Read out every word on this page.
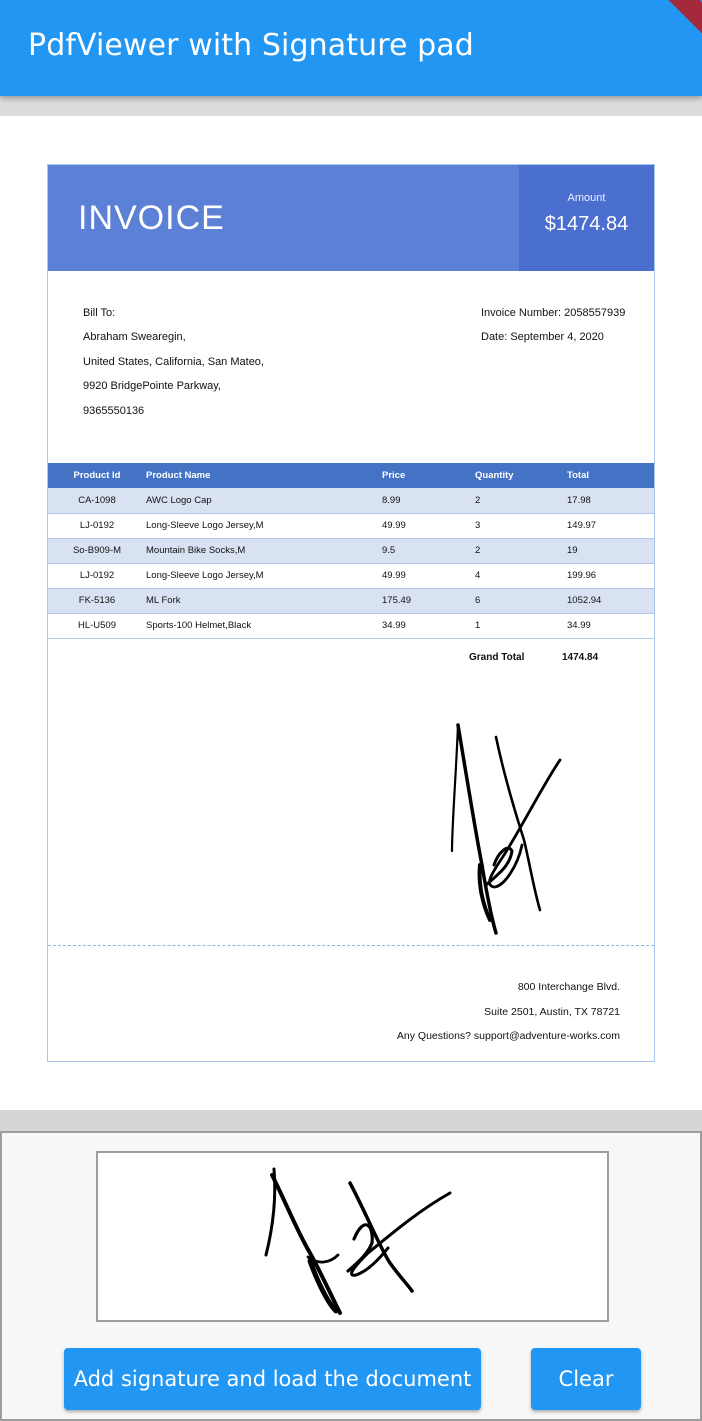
PdfViewer with Signature pad
INVOICE
Amount
$1474.84
Bill To:
Abraham Swearegin,
United States, California, San Mateo,
9920 BridgePointe Parkway,
9365550136
Invoice Number: 2058557939
Date: September 4, 2020
Product Id	Product Name	Price	Quantity	Total
CA-1098	AWC Logo Cap	8.99	2	17.98
LJ-0192	Long-Sleeve Logo Jersey,M	49.99	3	149.97
So-B909-M	Mountain Bike Socks,M	9.5	2	19
LJ-0192	Long-Sleeve Logo Jersey,M	49.99	4	199.96
FK-5136	ML Fork	175.49	6	1052.94
HL-U509	Sports-100 Helmet,Black	34.99	1	34.99
Grand Total	1474.84
800 Interchange Blvd.
Suite 2501, Austin, TX 78721
Any Questions? support@adventure-works.com
Add signature and load the document	Clear
